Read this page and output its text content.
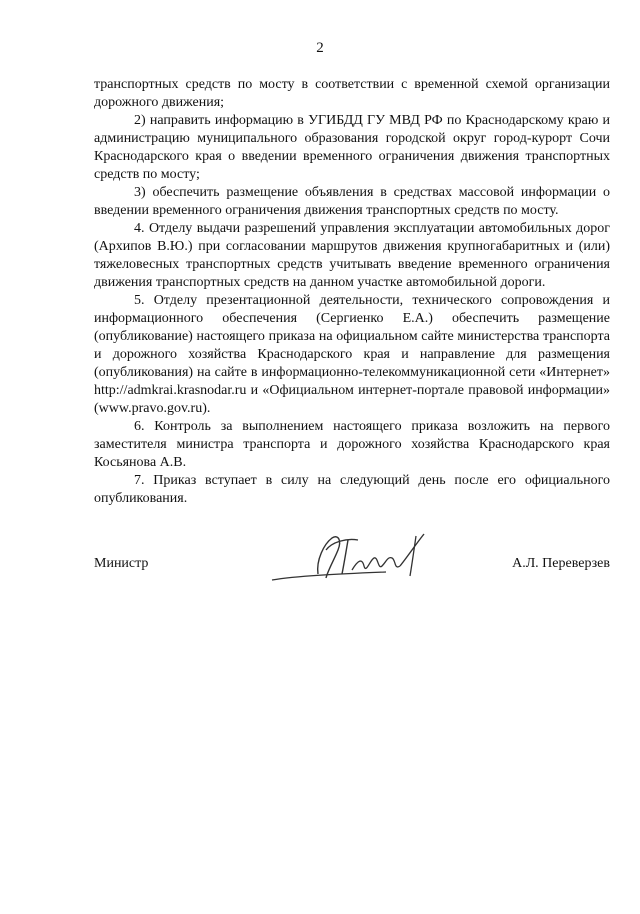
2

транспортных средств по мосту в соответствии с временной схемой организации дорожного движения;

2) направить информацию в УГИБДД ГУ МВД РФ по Краснодарскому краю и администрацию муниципального образования городской округ город-курорт Сочи Краснодарского края о введении временного ограничения движения транспортных средств по мосту;

3) обеспечить размещение объявления в средствах массовой информации о введении временного ограничения движения транспортных средств по мосту.

4. Отделу выдачи разрешений управления эксплуатации автомобильных дорог (Архипов В.Ю.) при согласовании маршрутов движения крупногабаритных и (или) тяжеловесных транспортных средств учитывать введение временного ограничения движения транспортных средств на данном участке автомобильной дороги.

5. Отделу презентационной деятельности, технического сопровождения и информационного обеспечения (Сергиенко Е.А.) обеспечить размещение (опубликование) настоящего приказа на официальном сайте министерства транспорта и дорожного хозяйства Краснодарского края и направление для размещения (опубликования) на сайте в информационно-телекоммуникационной сети «Интернет» http://admkrai.krasnodar.ru и «Официальном интернет-портале правовой информации» (www.pravo.gov.ru).

6. Контроль за выполнением настоящего приказа возложить на первого заместителя министра транспорта и дорожного хозяйства Краснодарского края Косьянова А.В.

7. Приказ вступает в силу на следующий день после его официального опубликования.

Министр	А.Л. Переверзев
